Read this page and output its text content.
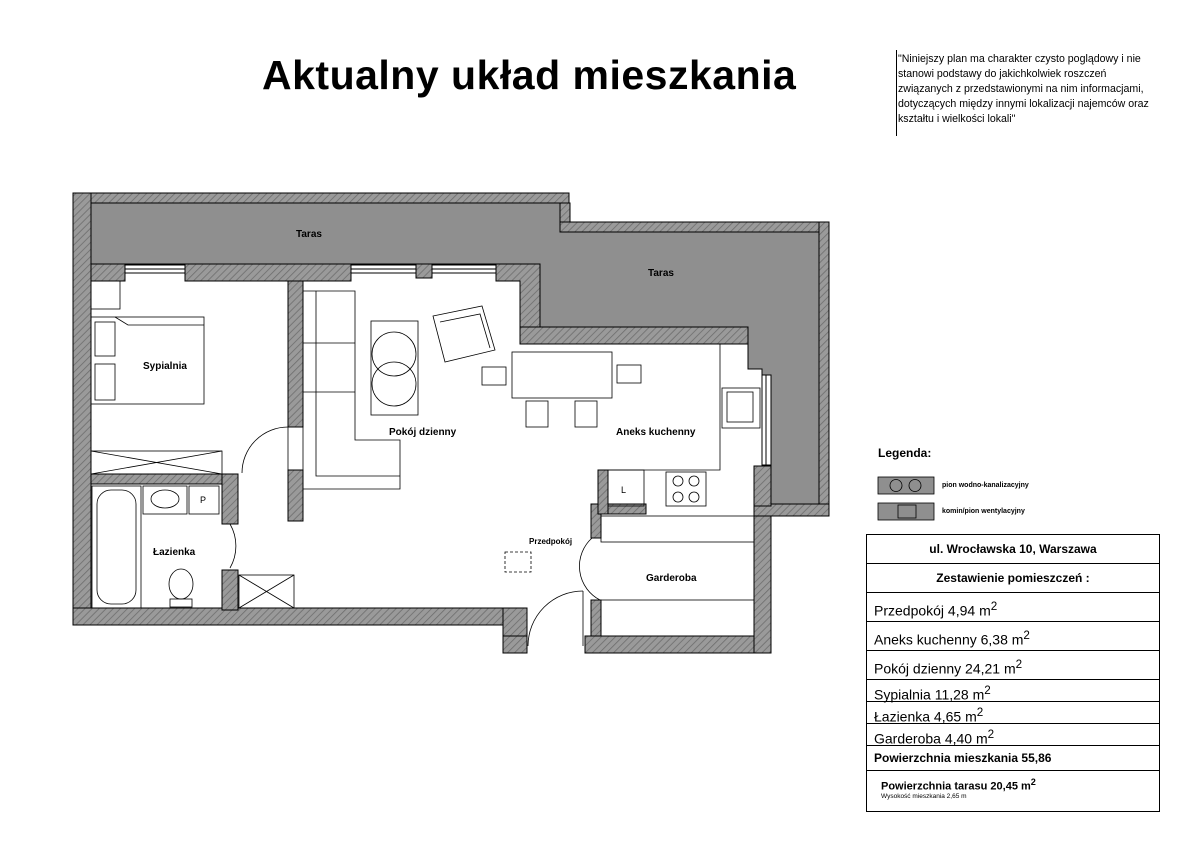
Aktualny układ mieszkania	"Niniejszy plan ma charakter czysto poglądowy i nie stanowi podstawy do jakichkolwiek roszczeń związanych z przedstawionymi na nim informacjami, dotyczących między innymi lokalizacji najemców oraz kształtu i wielkości lokali"
Taras
Taras
Sypialnia
Pokój dzienny	Aneks kuchenny
Przedpokój
Łazienka
Garderoba
P
L
Legenda:
pion wodno-kanalizacyjny
komin/pion wentylacyjny
ul. Wrocławska 10, Warszawa
Zestawienie pomieszczeń :
Przedpokój 4,94 $m^2$
Aneks kuchenny 6,38 $m^2$
Pokój dzienny 24,21 $m^2$
Sypialnia 11,28 $m^2$
Łazienka 4,65 $m^2$
Garderoba 4,40 $m^2$
Powierzchnia mieszkania 55,86
Powierzchnia tarasu 20,45 $m^2$
Wysokość mieszkania 2,65 m
